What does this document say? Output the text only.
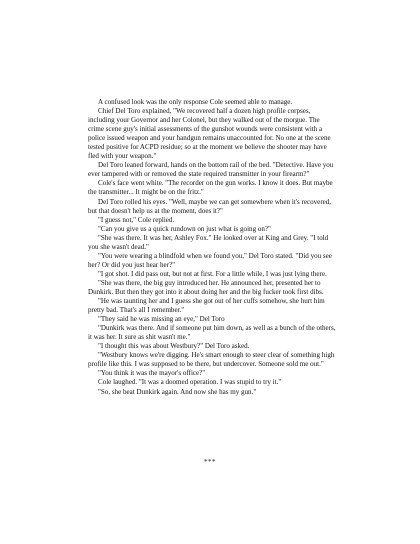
A confused look was the only response Cole seemed able to manage.

Chief Del Toro explained, "We recovered half a dozen high profile corpses, including your Governor and her Colonel, but they walked out of the morgue. The crime scene guy's initial assessments of the gunshot wounds were consistent with a police issued weapon and your handgun remains unaccounted for. No one at the scene tested positive for ACPD residue; so at the moment we believe the shooter may have fled with your weapon."

Del Toro leaned forward, hands on the bottom rail of the bed. "Detective. Have you ever tampered with or removed the state required transmitter in your firearm?"

Cole's face went white. "The recorder on the gun works. I know it does. But maybe the transmitter... It might be on the fritz."

Del Toro rolled his eyes. "Well, maybe we can get somewhere when it's recovered, but that doesn't help us at the moment, does it?"

"I guess not," Cole replied.

"Can you give us a quick rundown on just what is going on?"

"She was there. It was her, Ashley Fox." He looked over at King and Grey. "I told you she wasn't dead."

"You were wearing a blindfold when we found you," Del Toro stated. "Did you see her? Or did you just hear her?"

"I got shot. I did pass out, but not at first. For a little while, I was just lying there.

"She was there, the big guy introduced her. He announced her, presented her to Dunkirk. But then they got into it about doing her and the big fucker took first dibs.

"He was taunting her and I guess she got out of her cuffs somehow, she hurt him pretty bad. That's all I remember."

"They said he was missing an eye," Del Toro

"Dunkirk was there. And if someone put him down, as well as a bunch of the others, it was her. It sure as shit wasn't me."

"I thought this was about Westbury?" Del Toro asked.

"Westbury knows we're digging. He's smart enough to steer clear of something high profile like this. I was supposed to be there, but undercover. Someone sold me out."

"You think it was the mayor's office?"

Cole laughed. "It was a doomed operation. I was stupid to try it."

"So, she beat Dunkirk again. And now she has my gun."

***
